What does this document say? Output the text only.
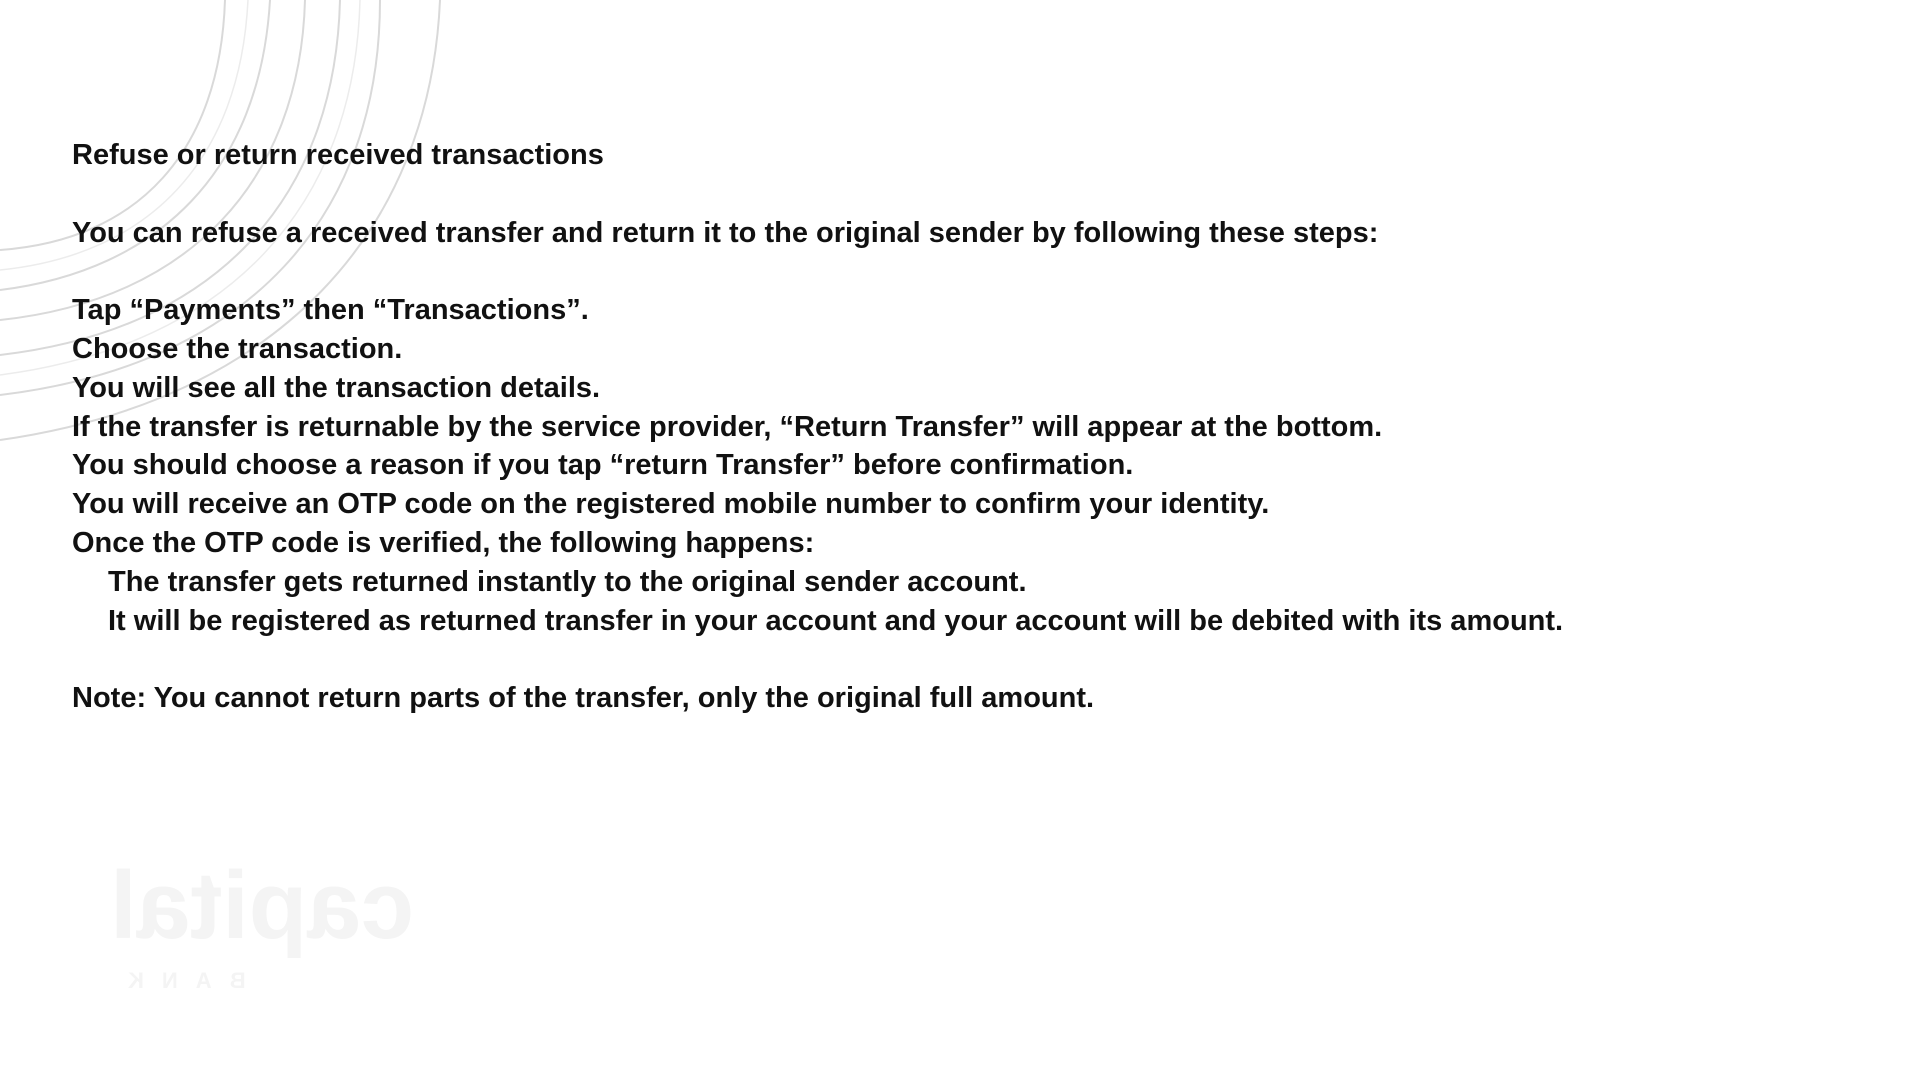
capital
BANK
Refuse or return received transactions
You can refuse a received transfer and return it to the original sender by following these steps:
Tap “Payments” then “Transactions”.
Choose the transaction.
You will see all the transaction details.
If the transfer is returnable by the service provider, “Return Transfer” will appear at the bottom.
You should choose a reason if you tap “return Transfer” before confirmation.
You will receive an OTP code on the registered mobile number to confirm your identity.
Once the OTP code is verified, the following happens:
The transfer gets returned instantly to the original sender account.
It will be registered as returned transfer in your account and your account will be debited with its amount.
Note: You cannot return parts of the transfer, only the original full amount.
